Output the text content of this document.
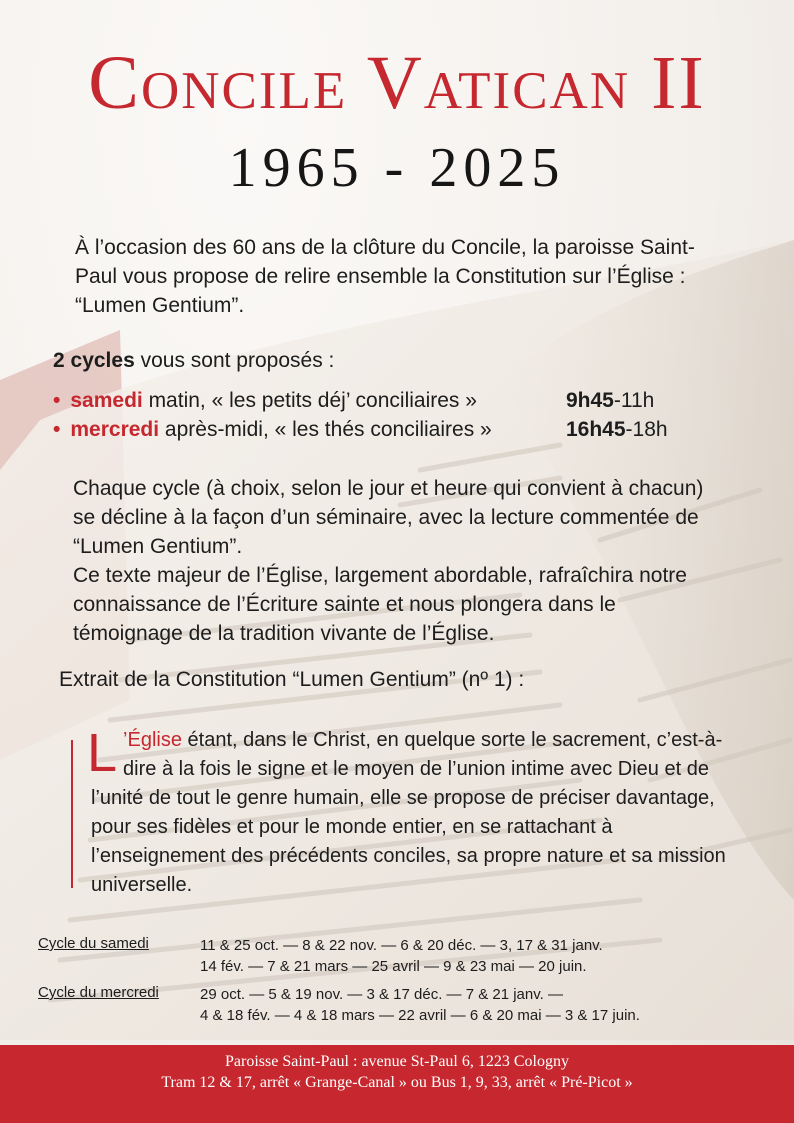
Concile Vatican II
1965 - 2025
À l’occasion des 60 ans de la clôture du Concile, la paroisse Saint-Paul vous propose de relire ensemble la Constitution sur l’Église : “Lumen Gentium”.
2 cycles vous sont proposés :
• samedi matin, « les petits déj’ conciliaires »	9h45-11h
• mercredi après-midi, « les thés conciliaires »	16h45-18h
Chaque cycle (à choix, selon le jour et heure qui convient à chacun) se décline à la façon d’un séminaire, avec la lecture commentée de “Lumen Gentium”.
Ce texte majeur de l’Église, largement abordable, rafraîchira notre connaissance de l’Écriture sainte et nous plongera dans le témoignage de la tradition vivante de l’Église.
Extrait de la Constitution “Lumen Gentium” (nº 1) :
L ’Église étant, dans le Christ, en quelque sorte le sacrement, c’est-à-dire à la fois le signe et le moyen de l’union intime avec Dieu et de l’unité de tout le genre humain, elle se propose de préciser davantage, pour ses fidèles et pour le monde entier, en se rattachant à l’enseignement des précédents conciles, sa propre nature et sa mission universelle.
Cycle du samedi	11 & 25 oct. — 8 & 22 nov. — 6 & 20 déc. — 3, 17 & 31 janv.
14 fév. — 7 & 21 mars — 25 avril — 9 & 23 mai — 20 juin.
Cycle du mercredi	29 oct. — 5 & 19 nov. — 3 & 17 déc. — 7 & 21 janv. —
4 & 18 fév. — 4 & 18 mars — 22 avril — 6 & 20 mai — 3 & 17 juin.
Paroisse Saint-Paul : avenue St-Paul 6, 1223 Cologny
Tram 12 & 17, arrêt « Grange-Canal » ou Bus 1, 9, 33, arrêt « Pré-Picot »
